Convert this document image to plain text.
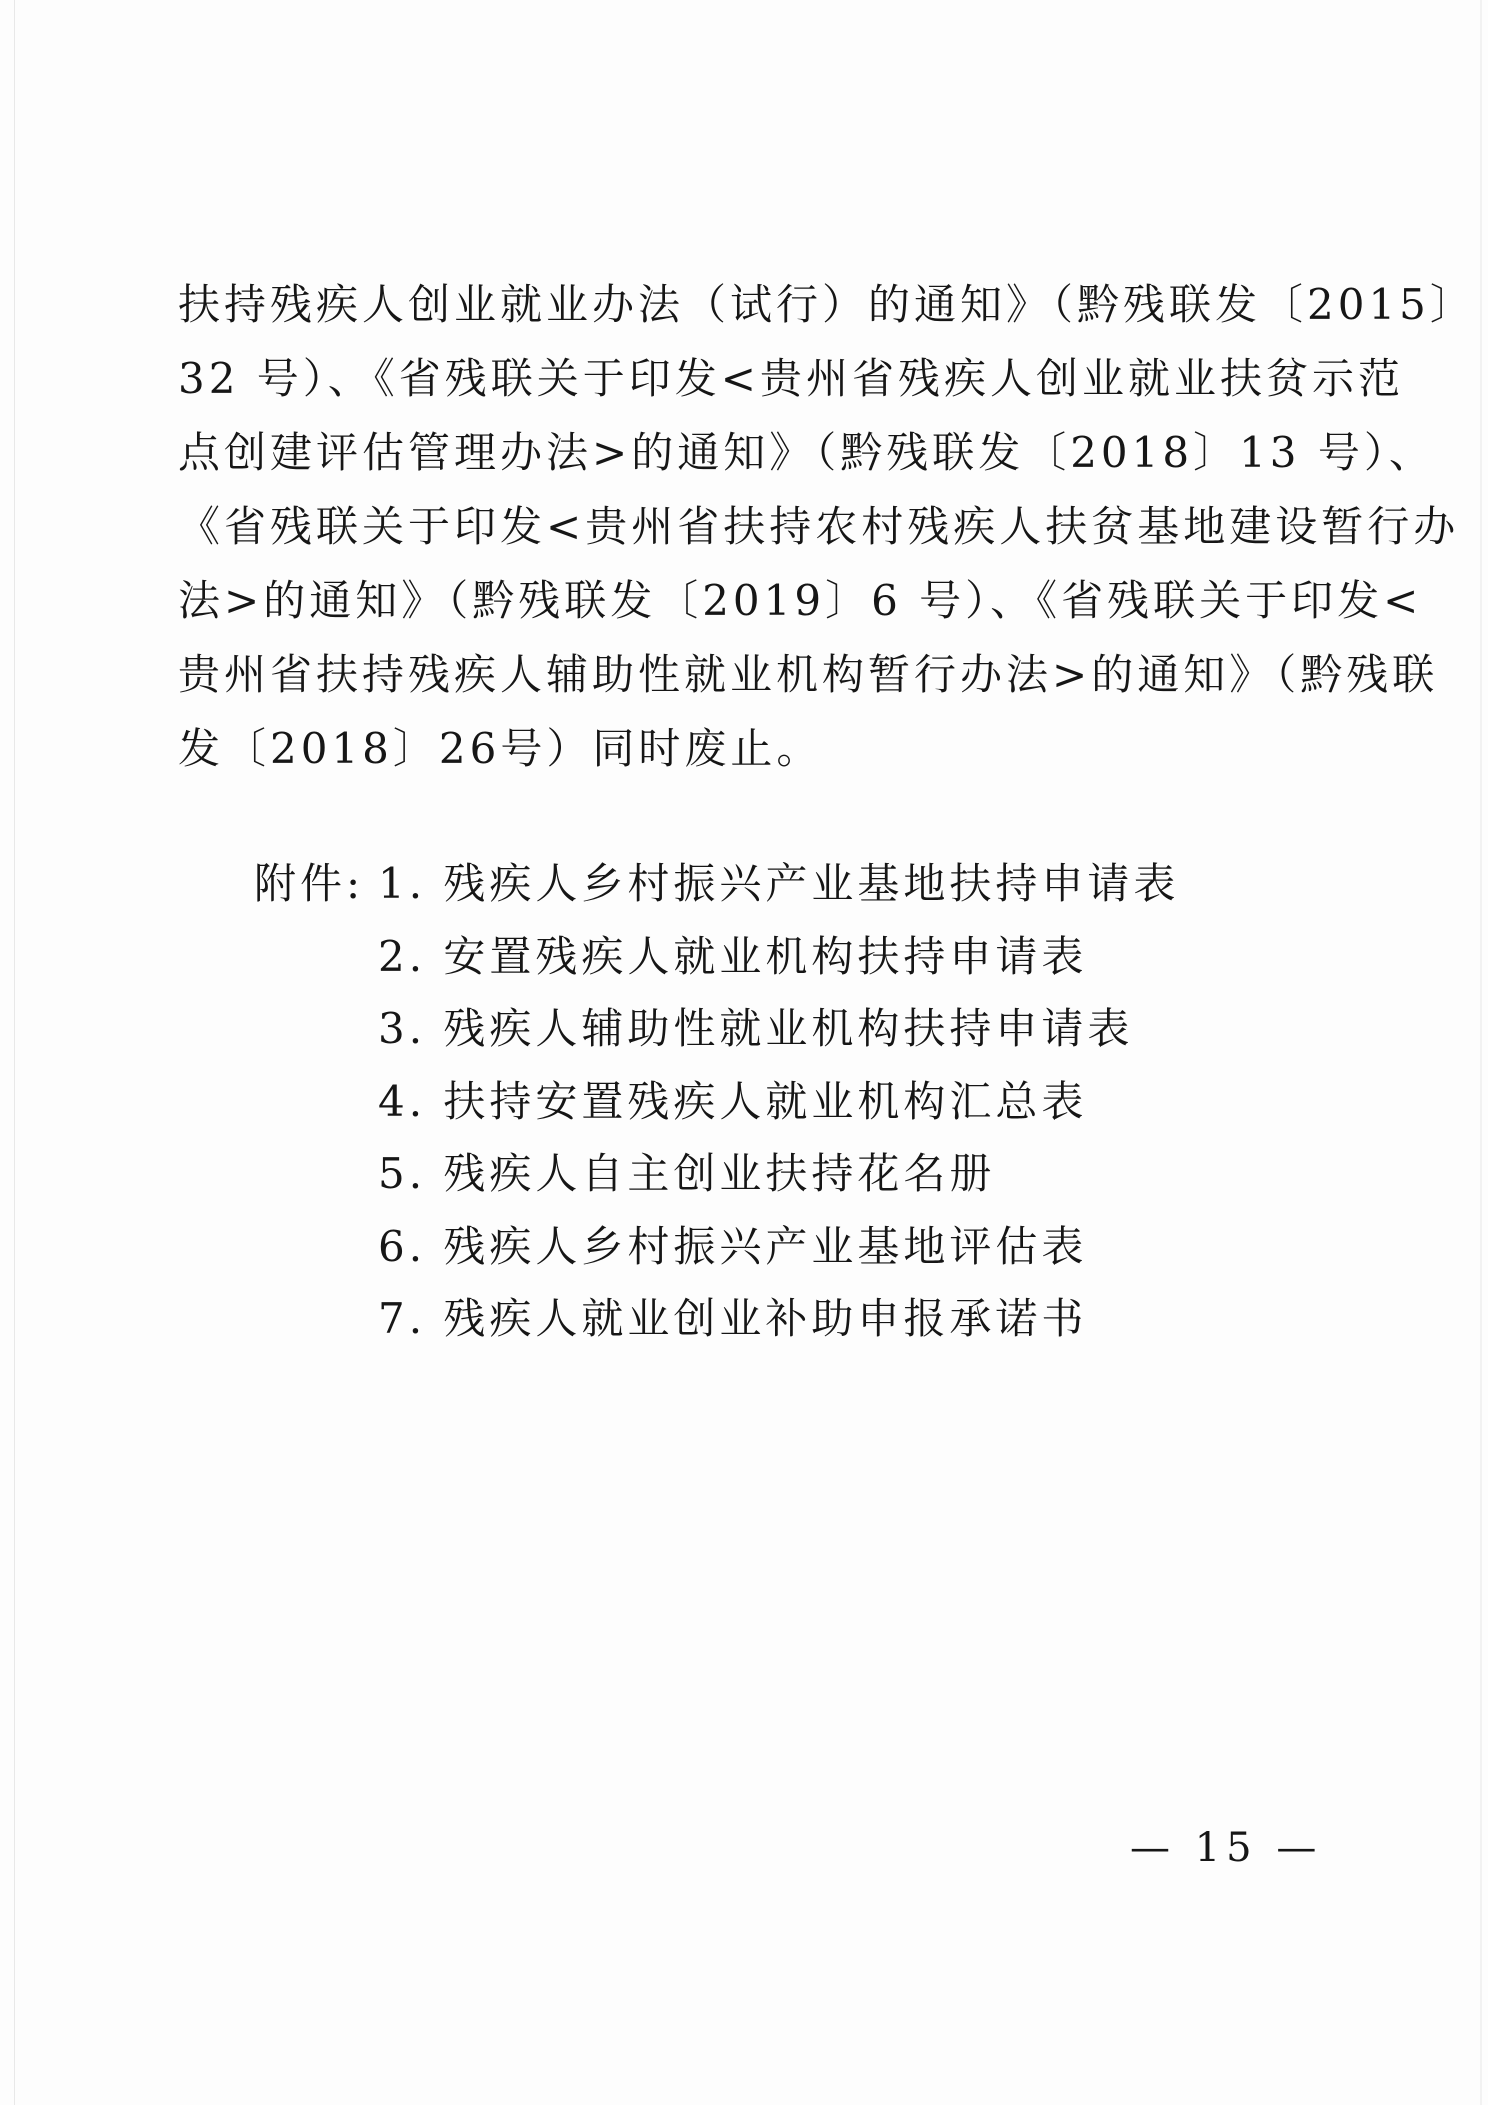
扶持残疾人创业就业办法（试行）的通知》（黔残联发〔2015〕
32 号）、《省残联关于印发<贵州省残疾人创业就业扶贫示范
点创建评估管理办法>的通知》（黔残联发〔2018〕13 号）、
《省残联关于印发<贵州省扶持农村残疾人扶贫基地建设暂行办
法>的通知》（黔残联发〔2019〕6 号）、《省残联关于印发<
贵州省扶持残疾人辅助性就业机构暂行办法>的通知》（黔残联
发〔2018〕26号）同时废止。
附件: 1. 残疾人乡村振兴产业基地扶持申请表
2. 安置残疾人就业机构扶持申请表
3. 残疾人辅助性就业机构扶持申请表
4. 扶持安置残疾人就业机构汇总表
5. 残疾人自主创业扶持花名册
6. 残疾人乡村振兴产业基地评估表
7. 残疾人就业创业补助申报承诺书
— 15 —
